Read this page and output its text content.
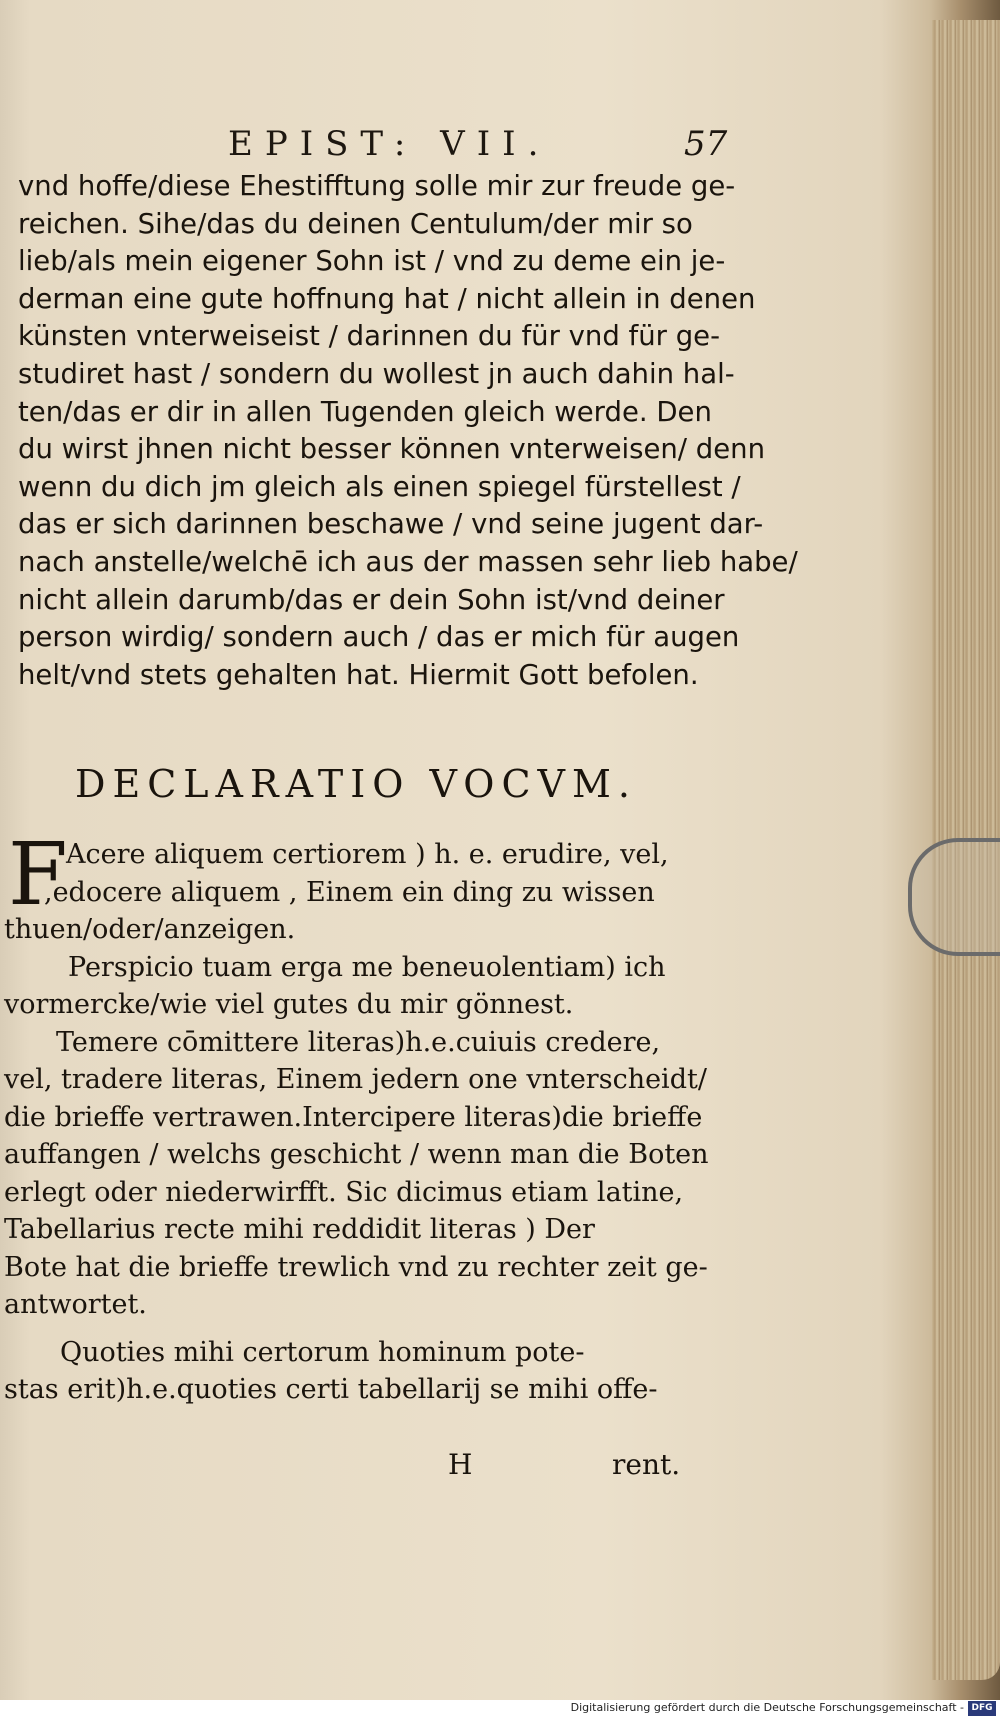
EPIST: VII.	57
vnd hoffe/diese Ehestifftung solle mir zur freude ge-
reichen. Sihe/das du deinen Centulum/der mir so
lieb/als mein eigener Sohn ist / vnd zu deme ein je-
derman eine gute hoffnung hat / nicht allein in denen
künsten vnterweiseist / darinnen du für vnd für ge-
studiret hast / sondern du wollest jn auch dahin hal-
ten/das er dir in allen Tugenden gleich werde. Den
du wirst jhnen nicht besser können vnterweisen/ denn
wenn du dich jm gleich als einen spiegel fürstellest /
das er sich darinnen beschawe / vnd seine jugent dar-
nach anstelle/welchē ich aus der massen sehr lieb habe/
nicht allein darumb/das er dein Sohn ist/vnd deiner
person wirdig/ sondern auch / das er mich für augen
helt/vnd stets gehalten hat. Hiermit Gott befolen.
DECLARATIO VOCVM.
F
Acere aliquem certiorem ) h. e. erudire, vel,
,edocere aliquem , Einem ein ding zu wissen
thuen/oder/anzeigen.
Perspicio tuam erga me beneuolentiam) ich
vormercke/wie viel gutes du mir gönnest.
Temere cōmittere literas)h.e.cuiuis credere,
vel, tradere literas, Einem jedern one vnterscheidt/
die brieffe vertrawen.Intercipere literas)die brieffe
auffangen / welchs geschicht / wenn man die Boten
erlegt oder niederwirfft. Sic dicimus etiam latine,
Tabellarius recte mihi reddidit literas ) Der
Bote hat die brieffe trewlich vnd zu rechter zeit ge-
antwortet.
Quoties mihi certorum hominum pote-
stas erit)h.e.quoties certi tabellarij se mihi offe-
H	rent.
Digitalisierung gefördert durch die Deutsche Forschungsgemeinschaft - DFG
